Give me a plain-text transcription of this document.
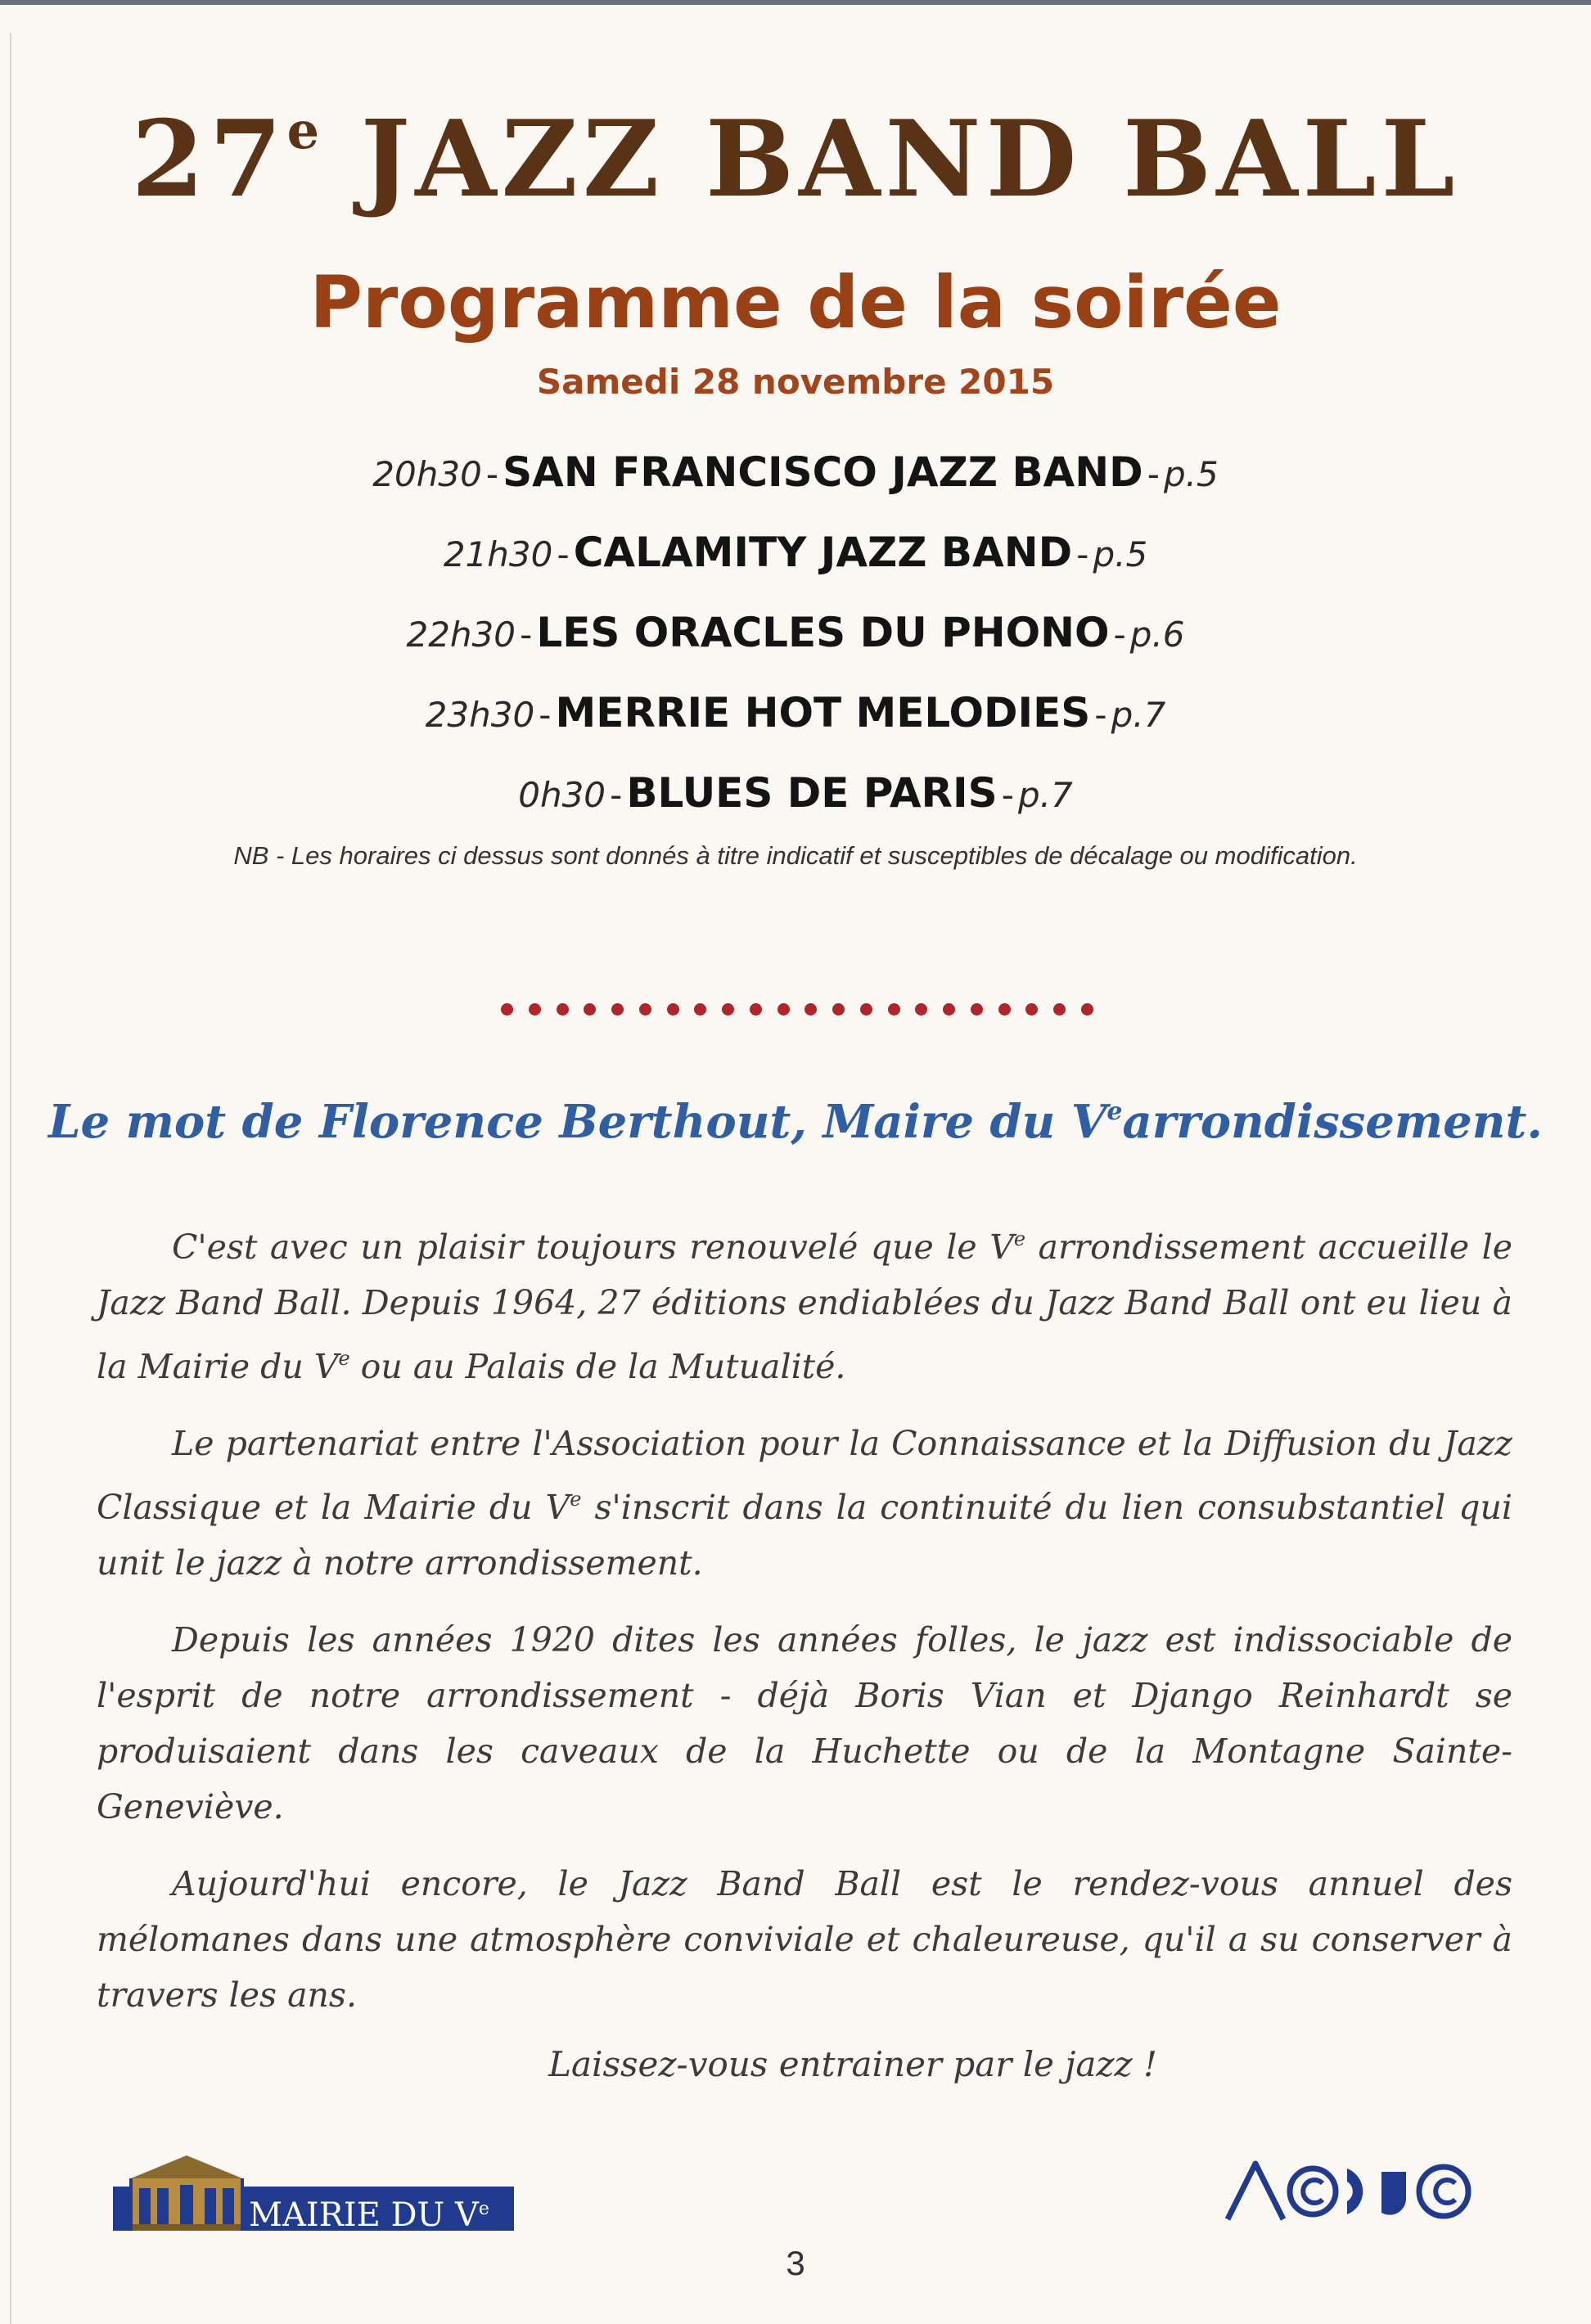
27e JAZZ BAND BALL
Programme de la soirée
Samedi 28 novembre 2015
20h30 - SAN FRANCISCO JAZZ BAND - p.5
21h30 - CALAMITY JAZZ BAND - p.5
22h30 - LES ORACLES DU PHONO - p.6
23h30 - MERRIE HOT MELODIES - p.7
0h30 - BLUES DE PARIS - p.7
NB - Les horaires ci dessus sont donnés à titre indicatif et susceptibles de décalage ou modification.
Le mot de Florence Berthout, Maire du Vearrondissement.

C'est avec un plaisir toujours renouvelé que le Ve arrondissement accueille le Jazz Band Ball. Depuis 1964, 27 éditions endiablées du Jazz Band Ball ont eu lieu à la Mairie du Ve ou au Palais de la Mutualité.

Le partenariat entre l'Association pour la Connaissance et la Diffusion du Jazz Classique et la Mairie du Ve s'inscrit dans la continuité du lien consubstantiel qui unit le jazz à notre arrondissement.

Depuis les années 1920 dites les années folles, le jazz est indissociable de l'esprit de notre arrondissement - déjà Boris Vian et Django Reinhardt se produisaient dans les caveaux de la Huchette ou de la Montagne Sainte-Geneviève.

Aujourd'hui encore, le Jazz Band Ball est le rendez-vous annuel des mélomanes dans une atmosphère conviviale et chaleureuse, qu'il a su conserver à travers les ans.

Laissez-vous entrainer par le jazz !
MAIRIE DU Ve
3
